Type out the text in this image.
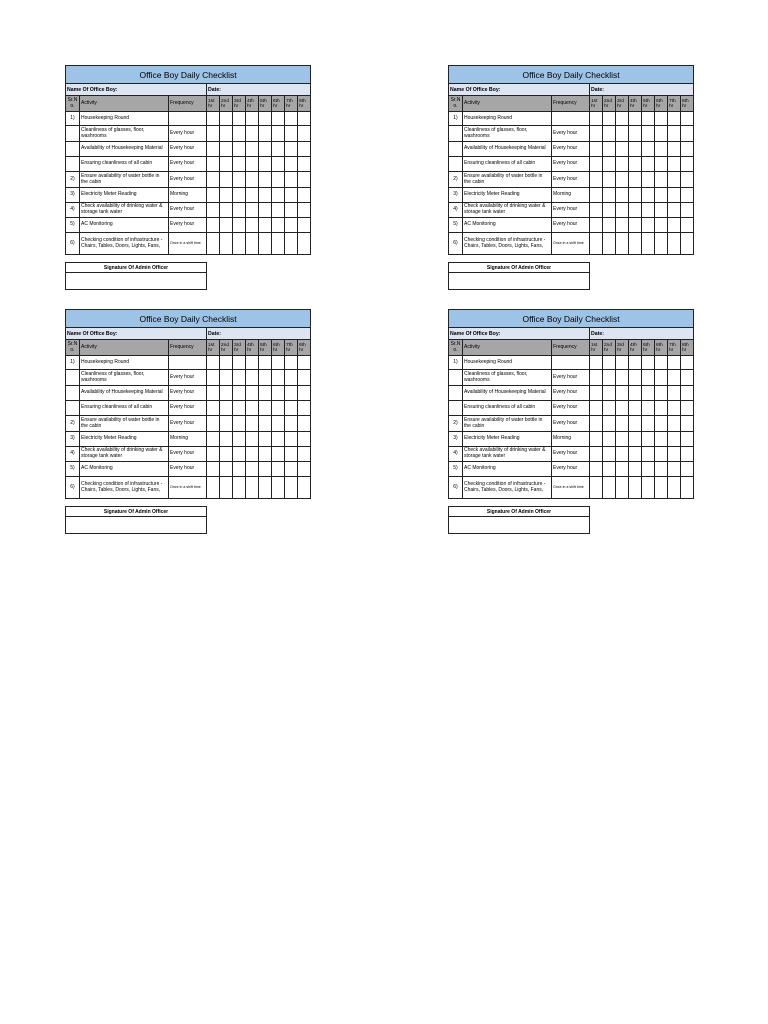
Office Boy Daily Checklist										
Name Of Office Boy:			Date:							
Sr.N o.	Activity	Frequency	1st hr	2nd hr	3rd hr	4th hr	5th hr	6th hr	7th hr	8th hr
1)	Housekeeping Round									
	Cleanliness of glasses, floor, washrooms	Every hour								
	Availability of Housekeeping Material	Every hour								
	Ensuring cleanliness of all cabin	Every hour								
2)	Ensure availability of water bottle in the cabin	Every hour								
3)	Electricity Meter Reading	Morning								
4)	Check availability of drinking water & storage tank water	Every hour								
5)	AC Monitoring	Every hour								
6)	Checking condition of infrastructure - Chairs, Tables, Doors, Lights, Fans,	Once in a shift time								
Signature Of Admin Officer

Office Boy Daily Checklist										
Name Of Office Boy:			Date:							
Sr.N o.	Activity	Frequency	1st hr	2nd hr	3rd hr	4th hr	5th hr	6th hr	7th hr	8th hr
1)	Housekeeping Round									
	Cleanliness of glasses, floor, washrooms	Every hour								
	Availability of Housekeeping Material	Every hour								
	Ensuring cleanliness of all cabin	Every hour								
2)	Ensure availability of water bottle in the cabin	Every hour								
3)	Electricity Meter Reading	Morning								
4)	Check availability of drinking water & storage tank water	Every hour								
5)	AC Monitoring	Every hour								
6)	Checking condition of infrastructure - Chairs, Tables, Doors, Lights, Fans,	Once in a shift time								
Signature Of Admin Officer

Office Boy Daily Checklist										
Name Of Office Boy:			Date:							
Sr.N o.	Activity	Frequency	1st hr	2nd hr	3rd hr	4th hr	5th hr	6th hr	7th hr	8th hr
1)	Housekeeping Round									
	Cleanliness of glasses, floor, washrooms	Every hour								
	Availability of Housekeeping Material	Every hour								
	Ensuring cleanliness of all cabin	Every hour								
2)	Ensure availability of water bottle in the cabin	Every hour								
3)	Electricity Meter Reading	Morning								
4)	Check availability of drinking water & storage tank water	Every hour								
5)	AC Monitoring	Every hour								
6)	Checking condition of infrastructure - Chairs, Tables, Doors, Lights, Fans,	Once in a shift time								
Signature Of Admin Officer

Office Boy Daily Checklist										
Name Of Office Boy:			Date:							
Sr.N o.	Activity	Frequency	1st hr	2nd hr	3rd hr	4th hr	5th hr	6th hr	7th hr	8th hr
1)	Housekeeping Round									
	Cleanliness of glasses, floor, washrooms	Every hour								
	Availability of Housekeeping Material	Every hour								
	Ensuring cleanliness of all cabin	Every hour								
2)	Ensure availability of water bottle in the cabin	Every hour								
3)	Electricity Meter Reading	Morning								
4)	Check availability of drinking water & storage tank water	Every hour								
5)	AC Monitoring	Every hour								
6)	Checking condition of infrastructure - Chairs, Tables, Doors, Lights, Fans,	Once in a shift time								
Signature Of Admin Officer
